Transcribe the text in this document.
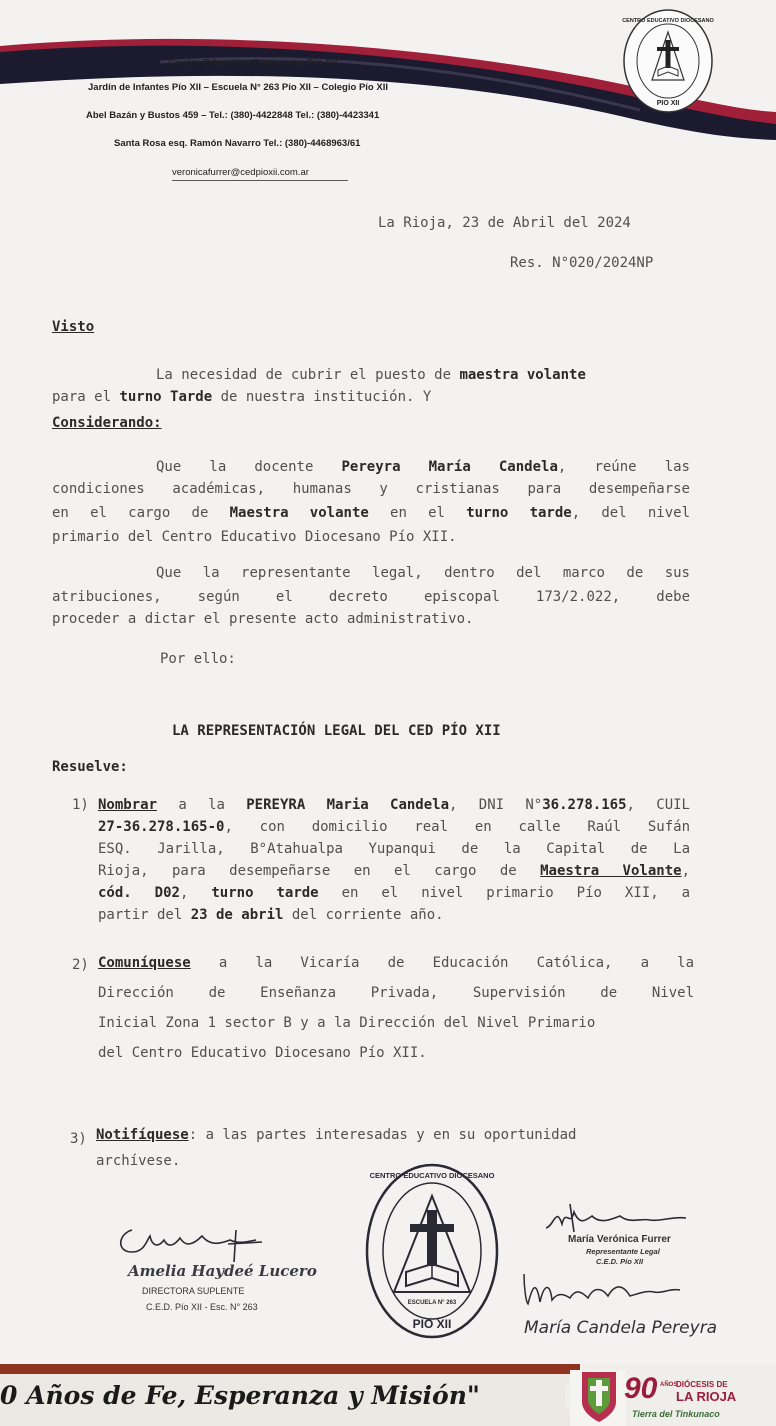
Centro Educativo Diocesano Pío XII
Jardín de Infantes Pío XII – Escuela N° 263 Pío XII – Colegio Pío XII
Abel Bazán y Bustos 459 – Tel.: (380)-4422848 Tel.: (380)-4423341
Santa Rosa esq. Ramón Navarro Tel.: (380)-4468963/61
veronicafurrer@cedpioxii.com.ar
PIO XII
CENTRO EDUCATIVO DIOCESANO
La Rioja, 23 de Abril del 2024
Res. N°020/2024NP
Visto
La necesidad de cubrir el puesto de maestra volante
para el turno Tarde de nuestra institución. Y
Considerando:
Que la docente Pereyra María Candela, reúne las
condiciones académicas, humanas y cristianas para desempeñarse
en el cargo de Maestra volante en el turno tarde, del nivel
primario del Centro Educativo Diocesano Pío XII.
Que la representante legal, dentro del marco de sus
atribuciones, según el decreto episcopal 173/2.022, debe
proceder a dictar el presente acto administrativo.
Por ello:
LA REPRESENTACIÓN LEGAL DEL CED PÍO XII
Resuelve:
1) Nombrar a la PEREYRA Maria Candela, DNI N°36.278.165, CUIL
27-36.278.165-0, con domicilio real en calle Raúl Sufán
ESQ. Jarilla, B°Atahualpa Yupanqui de la Capital de La
Rioja, para desempeñarse en el cargo de Maestra Volante,
cód. D02, turno tarde en el nivel primario Pío XII, a
partir del 23 de abril del corriente año.
2) Comuníquese a la Vicaría de Educación Católica, a la
Dirección de Enseñanza Privada, Supervisión de Nivel
Inicial Zona 1 sector B y a la Dirección del Nivel Primario
del Centro Educativo Diocesano Pío XII.
3) Notifíquese: a las partes interesadas y en su oportunidad
archívese.
Amelia Haydeé Lucero
DIRECTORA SUPLENTE
C.E.D. Pío XII - Esc. N° 263	ESCUELA N° 263
PIO XII
CENTRO EDUCATIVO DIOCESANO
María Verónica Furrer
Representante Legal
C.E.D. Pío XII
María Candela Pereyra
0 Años de Fe, Esperanza y Misión"	90 AÑOS
DIÓCESIS DE
LA RIOJA
Tierra del Tinkunaco
